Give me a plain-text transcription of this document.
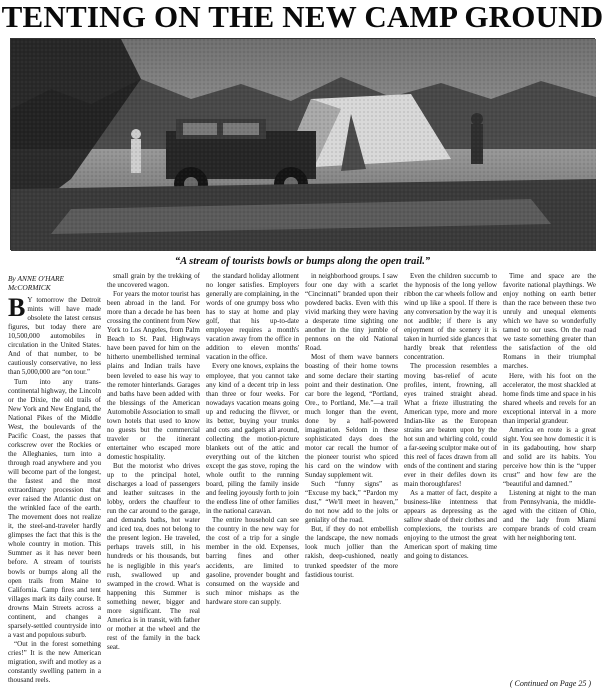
TENTING ON THE NEW CAMP GROUND
“A stream of tourists bowls or bumps along the open trail.”
By ANNE O'HARE McCORMICK

BY tomorrow the Detroit mints will have made obsolete the latest census figures, but today there are 10,500,000 automobiles in circulation in the United States. And of that number, to be cautiously conservative, no less than 5,000,000 are “on tour.”

Turn into any trans-continental highway, the Lincoln or the Dixie, the old trails of New York and New England, the National Pikes of the Middle West, the boulevards of the Pacific Coast, the passes that corkscrew over the Rockies or the Alleghanies, turn into a through road anywhere and you will become part of the longest, the fastest and the most extraordinary procession that ever raised the Atlantic dust on the wrinkled face of the earth. The movement does not realize it, the steel-and-traveler hardly glimpses the fact that this is the whole country in motion. This Summer as it has never been before. A stream of tourists bowls or bumps along all the open trails from Maine to California. Camp fires and tent villages mark its daily course. It drowns Main Streets across a continent, and changes a sparsely-settled countryside into a vast and populous suburb.

“Out in the forest something cries!” It is the new American migration, swift and motley as a constantly swelling pattern in a thousand reels.

small grain by the trekking of the uncovered wagon.

For years the motor tourist has been abroad in the land. For more than a decade he has been crossing the continent from New York to Los Angeles, from Palm Beach to St. Paul. Highways have been paved for him on the hitherto unembellished terminal plains and Indian trails have been leveled to ease his way to the remoter hinterlands. Garages and baths have been added with the blessings of the American Automobile Association to small town hotels that used to know no guests but the commercial traveler or the itinerant entertainer who escaped more domestic hospitality.

But the motorist who drives up to the principal hotel, discharges a load of passengers and leather suitcases in the lobby, orders the chauffeur to run the car around to the garage, and demands baths, hot water and iced tea, does not belong to the present legion. He traveled, perhaps travels still, in his hundreds or his thousands, but he is negligible in this year's rush, swallowed up and swamped in the crowd. What is happening this Summer is something newer, bigger and more significant. The real America is in transit, with father or mother at the wheel and the rest of the family in the back seat.

the standard holiday allotment no longer satisfies. Employers generally are complaining, in the words of one grumpy boss who has to stay at home and play golf, that his up-to-date employee requires a month's vacation away from the office in addition to eleven months' vacation in the office.

Every one knows, explains the employee, that you cannot take any kind of a decent trip in less than three or four weeks. For nowadays vacation means going up and reducing the flivver, or its better, buying your trunks and cots and gadgets all around, collecting the motion-picture blankets out of the attic and everything out of the kitchen except the gas stove, roping the whole outfit to the running board, piling the family inside and feeling joyously forth to join the endless line of other families in the national caravan.

The entire household can see the country in the new way for the cost of a trip for a single member in the old. Expenses, barring fines and other accidents, are limited to gasoline, provender bought and consumed on the wayside and such minor mishaps as the hardware store can supply.

in neighborhood groups. I saw four one day with a scarlet “Cincinnati” branded upon their powdered backs. Even with this vivid marking they were having a desperate time sighting one another in the tiny jumble of pennons on the old National Road.

Most of them wave banners boasting of their home towns and some declare their starting point and their destination. One car bore the legend, “Portland, Ore., to Portland, Me.”—a trail much longer than the event, done by a half-powered imagination. Seldom in these sophisticated days does the motor car recall the humor of the pioneer tourist who spiced his card on the window with Sunday supplement wit.

Such “funny signs” as “Excuse my back,” “Pardon my dust,” “We'll meet in heaven,” do not now add to the jolts or geniality of the road.

But, if they do not embellish the landscape, the new nomads look much jollier than the rakish, deep-cushioned, neatly trunked speedster of the more fastidious tourist.

Even the children succumb to the hypnosis of the long yellow ribbon the car wheels follow and wind up like a spool. If there is any conversation by the way it is not audible; if there is any enjoyment of the scenery it is taken in hurried side glances that hardly break that relentless concentration.

The procession resembles a moving bas-relief of acute profiles, intent, frowning, all eyes trained straight ahead. What a frieze illustrating the American type, more and more Indian-like as the European strains are beaten upon by the hot sun and whirling cold, could a far-seeing sculptor make out of this reel of faces drawn from all ends of the continent and staring ever in their defiles down its main thoroughfares!

As a matter of fact, despite a business-like intentness that appears as depressing as the sallow shade of their clothes and complexions, the tourists are enjoying to the utmost the great American sport of making time and going to distances.

Time and space are the favorite national playthings. We enjoy nothing on earth better than the race between these two unruly and unequal elements which we have so wonderfully tamed to our uses. On the road we taste something greater than the satisfaction of the old Romans in their triumphal marches.

Here, with his foot on the accelerator, the most shackled at home finds time and space in his shared wheels and revels for an exceptional interval in a more than imperial grandeur.

America en route is a great sight. You see how domestic it is in its gadabouting, how sharp and solid are its habits. You perceive how thin is the “upper crust” and how few are the “beautiful and damned.”

Listening at night to the man from Pennsylvania, the middle-aged with the citizen of Ohio, and the lady from Miami compare brands of cold cream with her neighboring tent.

( Continued on Page 25 )
